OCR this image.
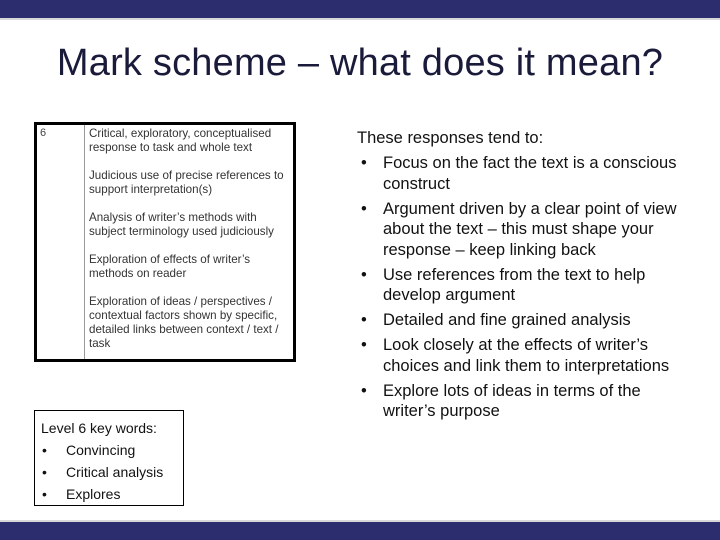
Mark scheme – what does it mean?
6	Critical, exploratory, conceptualised response to task and whole text
Judicious use of precise references to support interpretation(s)
Analysis of writer’s methods with subject terminology used judiciously
Exploration of effects of writer’s methods on reader
Exploration of ideas / perspectives / contextual factors shown by specific, detailed links between context / text / task
Level 6 key words:
• Convincing
• Critical analysis
• Explores
These responses tend to:
• Focus on the fact the text is a conscious construct
• Argument driven by a clear point of view about the text – this must shape your response – keep linking back
• Use references from the text to help develop argument
• Detailed and fine grained analysis
• Look closely at the effects of writer’s choices and link them to interpretations
• Explore lots of ideas in terms of the writer’s purpose
